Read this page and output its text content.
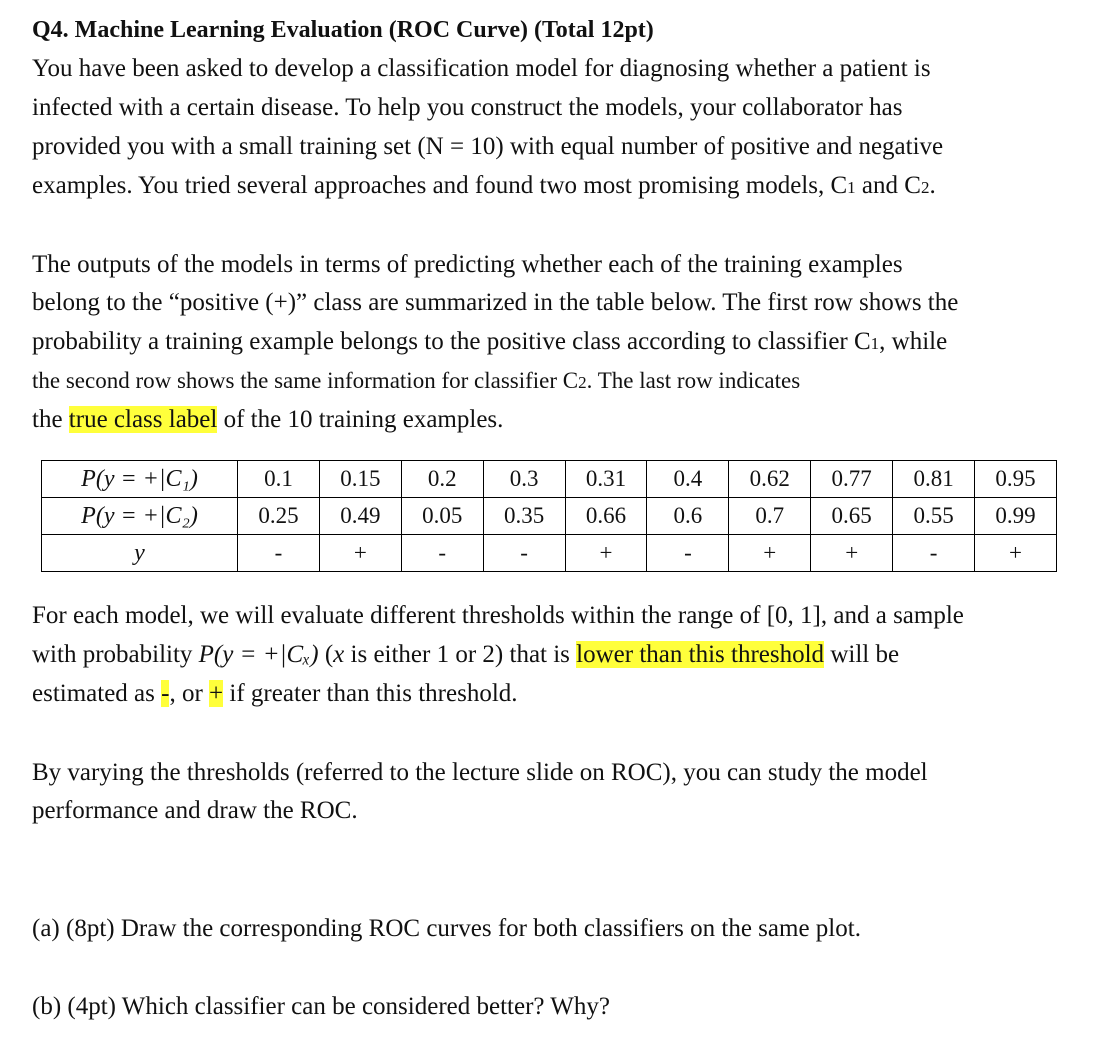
Q4. Machine Learning Evaluation (ROC Curve) (Total 12pt)
You have been asked to develop a classification model for diagnosing whether a patient is
infected with a certain disease. To help you construct the models, your collaborator has
provided you with a small training set (N = 10) with equal number of positive and negative
examples. You tried several approaches and found two most promising models, C1 and C2.
The outputs of the models in terms of predicting whether each of the training examples
belong to the “positive (+)” class are summarized in the table below. The first row shows the
probability a training example belongs to the positive class according to classifier C1, while
the second row shows the same information for classifier C2. The last row indicates
the true class label of the 10 training examples.
P(y = +|C₁)	0.1	0.15	0.2	0.3	0.31	0.4	0.62	0.77	0.81	0.95
P(y = +|C₂)	0.25	0.49	0.05	0.35	0.66	0.6	0.7	0.65	0.55	0.99
y	-	+	-	-	+	-	+	+	-	+
For each model, we will evaluate different thresholds within the range of [0, 1], and a sample
with probability P(y = +|Cₓ) (x is either 1 or 2) that is lower than this threshold will be
estimated as -, or + if greater than this threshold.
By varying the thresholds (referred to the lecture slide on ROC), you can study the model
performance and draw the ROC.
(a) (8pt) Draw the corresponding ROC curves for both classifiers on the same plot.
(b) (4pt) Which classifier can be considered better? Why?
